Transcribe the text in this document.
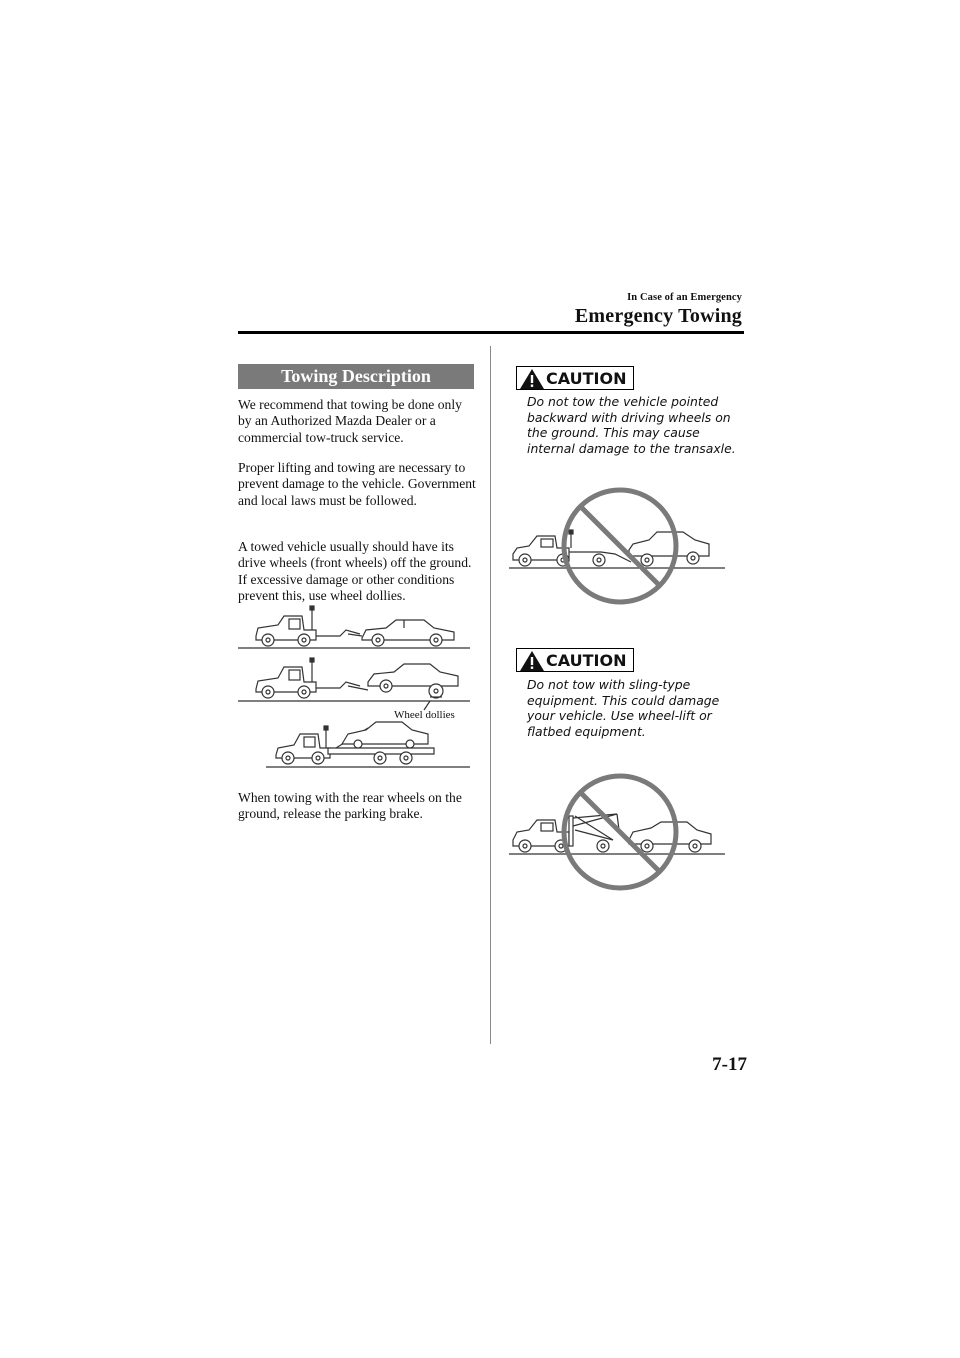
In Case of an Emergency
Emergency Towing
Towing Description

We recommend that towing be done only by an Authorized Mazda Dealer or a commercial tow-truck service.

Proper lifting and towing are necessary to prevent damage to the vehicle. Government and local laws must be followed.

A towed vehicle usually should have its drive wheels (front wheels) off the ground. If excessive damage or other conditions prevent this, use wheel dollies.

Wheel dollies

When towing with the rear wheels on the ground, release the parking brake.

CAUTION

Do not tow the vehicle pointed backward with driving wheels on the ground. This may cause internal damage to the transaxle.

CAUTION

Do not tow with sling-type equipment. This could damage your vehicle. Use wheel-lift or flatbed equipment.

7-17
